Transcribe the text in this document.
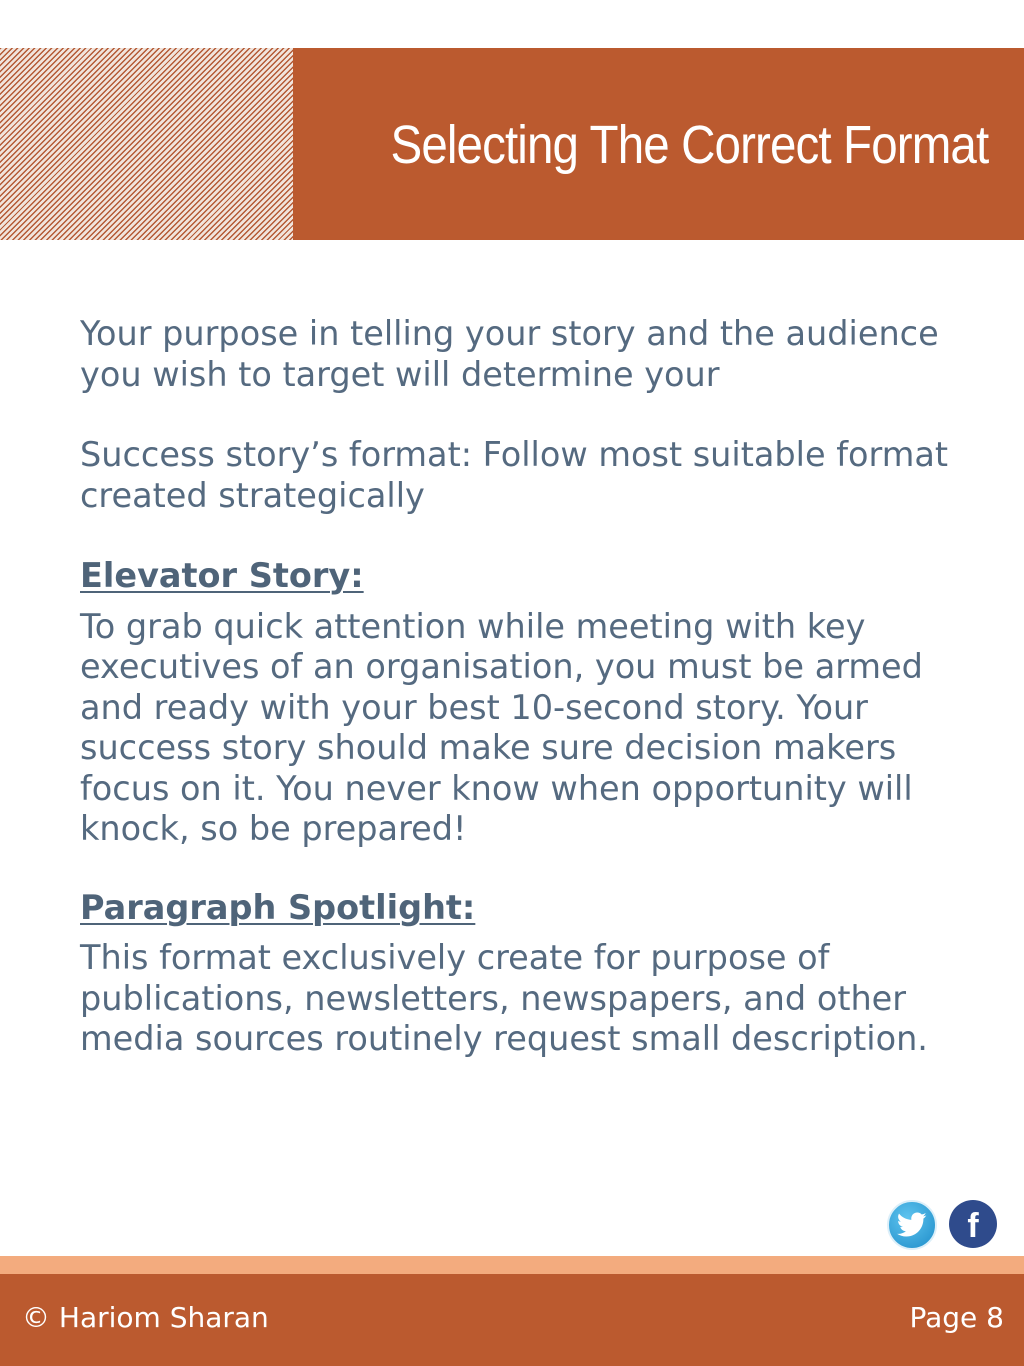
Selecting The Correct Format

Your purpose in telling your story and the audience you wish to target will determine your

Success story’s format: Follow most suitable format created strategically

Elevator Story:

To grab quick attention while meeting with key executives of an organisation, you must be armed and ready with your best 10-second story. Your success story should make sure decision makers focus on it. You never know when opportunity will knock, so be prepared!

Paragraph Spotlight:

This format exclusively create for purpose of publications, newsletters, newspapers, and other media sources routinely request small description.

f
© Hariom Sharan	Page 8
